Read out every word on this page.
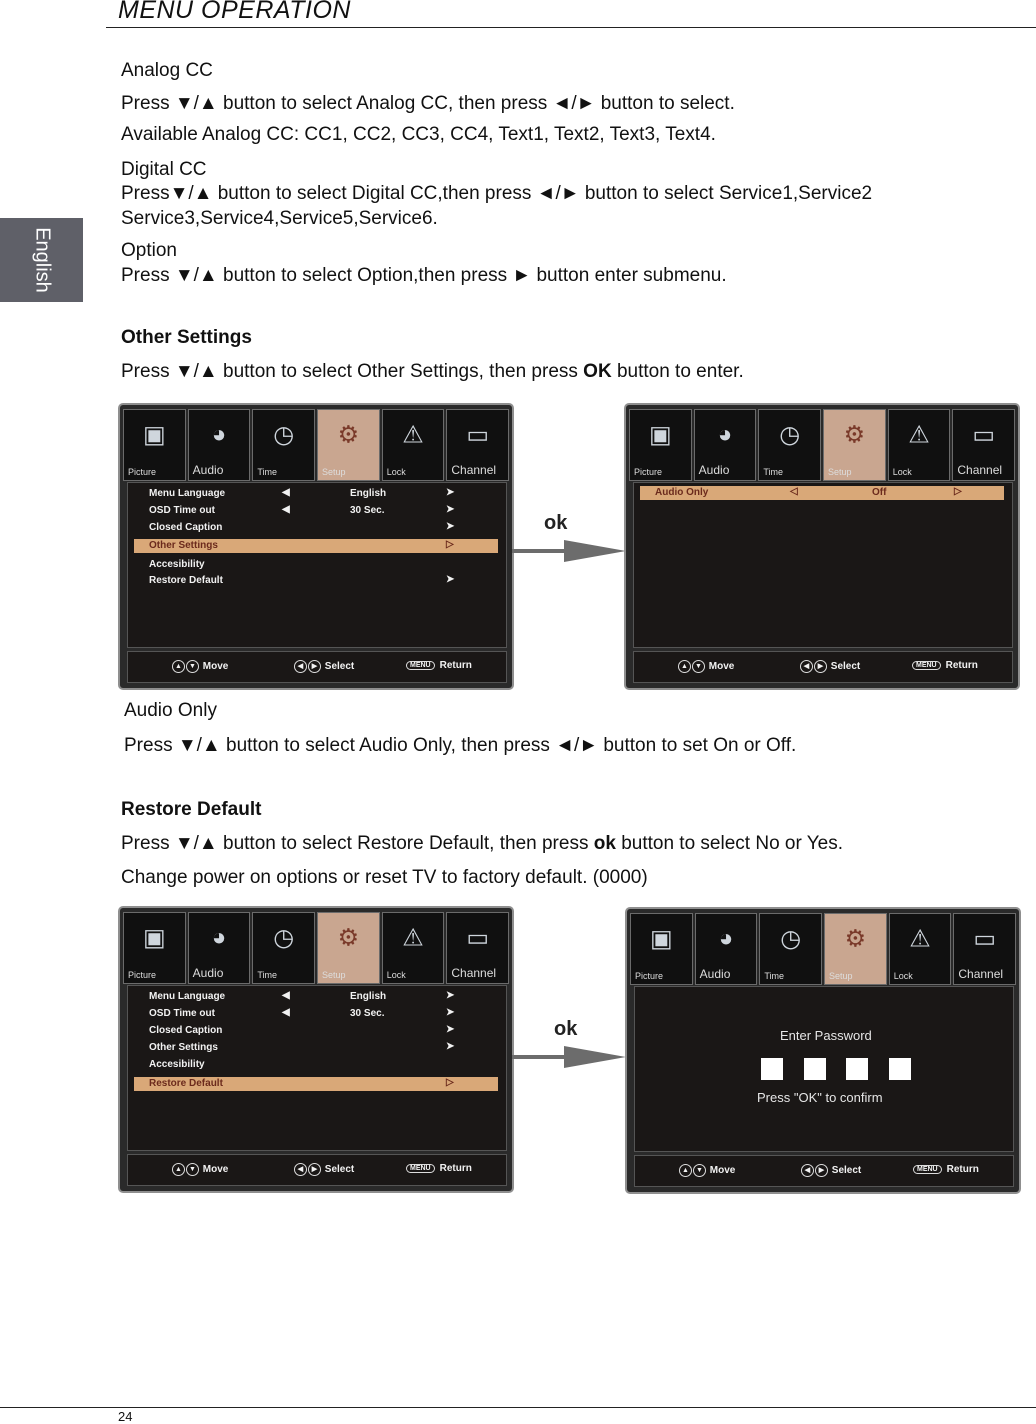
MENU OPERATION
English
Analog CC
Press ▼/▲ button to select Analog CC, then press ◄/► button to select.
Available Analog CC: CC1, CC2, CC3, CC4, Text1, Text2, Text3, Text4.
Digital CC
Press▼/▲ button to select Digital CC,then press ◄/► button to select Service1,Service2
Service3,Service4,Service5,Service6.
Option
Press ▼/▲ button to select Option,then press ► button enter submenu.
Other Settings
Press ▼/▲ button to select Other Settings, then press OK button to enter.
▣
Picture
◕
Audio
◷
Time
⚙
Setup
⚠
Lock
▭
Channel
Menu Language	◀	English	➤
OSD Time out	◀	30 Sec.	➤
Closed Caption	➤
Other Settings	▷
Accesibility
Restore Default	➤
▲ ▼ Move	◀ ▶ Select	MENU Return
ok
▣
Picture
◕
Audio
◷
Time
⚙
Setup
⚠
Lock
▭
Channel
Audio Only	◁	Off	▷
▲ ▼ Move	◀ ▶ Select	MENU Return
Audio Only
Press ▼/▲ button to select Audio Only, then press ◄/► button to set On or Off.
Restore Default
Press ▼/▲ button to select Restore Default, then press ok button to select No or Yes.
Change power on options or reset TV to factory default. (0000)
▣
Picture
◕
Audio
◷
Time
⚙
Setup
⚠
Lock
▭
Channel
Menu Language	◀	English	➤
OSD Time out	◀	30 Sec.	➤
Closed Caption	➤
Other Settings	➤
Accesibility
Restore Default	▷
▲ ▼ Move	◀ ▶ Select	MENU Return
ok
▣
Picture
◕
Audio
◷
Time
⚙
Setup
⚠
Lock
▭
Channel
Enter Password
Press "OK" to confirm
▲ ▼ Move	◀ ▶ Select	MENU Return
24
